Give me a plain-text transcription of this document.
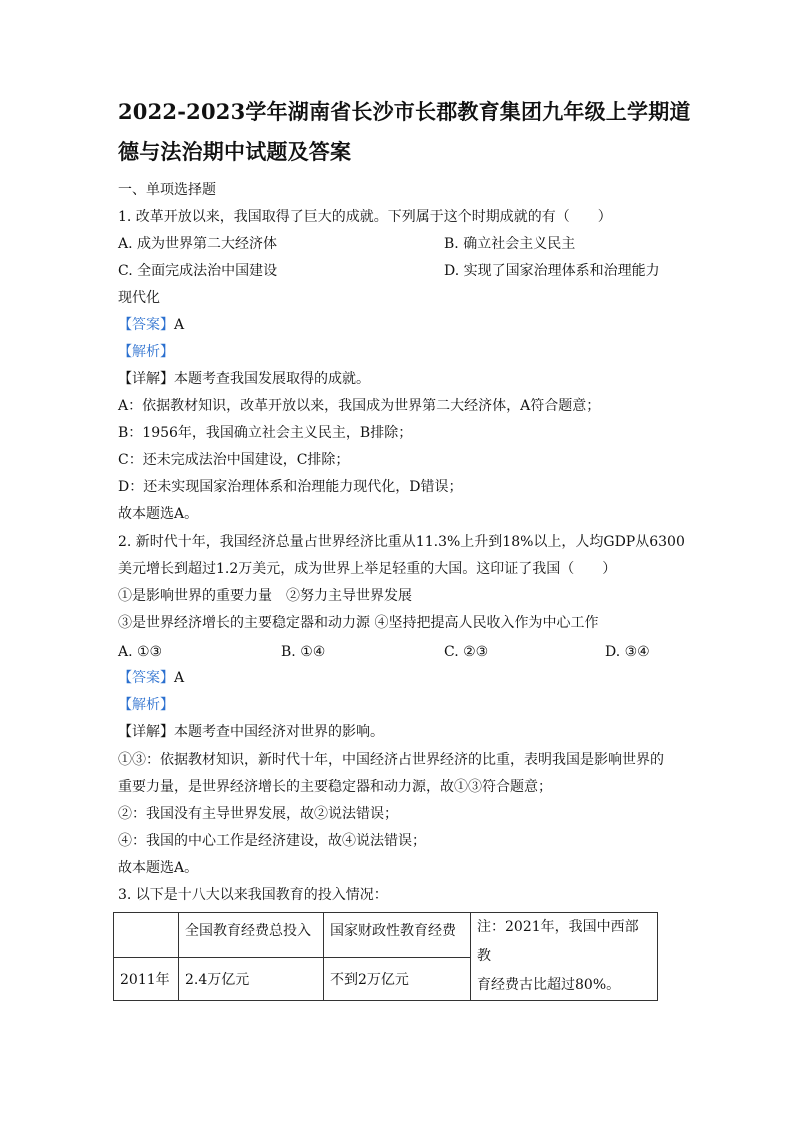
2022-2023学年湖南省长沙市长郡教育集团九年级上学期道
德与法治期中试题及答案
一、单项选择题
1. 改革开放以来，我国取得了巨大的成就。下列属于这个时期成就的有（　　）
A. 成为世界第二大经济体	B. 确立社会主义民主
C. 全面完成法治中国建设	D. 实现了国家治理体系和治理能力
现代化
【答案】A
【解析】
【详解】本题考查我国发展取得的成就。
A：依据教材知识，改革开放以来，我国成为世界第二大经济体，A符合题意；
B：1956年，我国确立社会主义民主，B排除；
C：还未完成法治中国建设，C排除；
D：还未实现国家治理体系和治理能力现代化，D错误；
故本题选A。
2. 新时代十年，我国经济总量占世界经济比重从11.3%上升到18%以上，人均GDP从6300
美元增长到超过1.2万美元，成为世界上举足轻重的大国。这印证了我国（　　）
①是影响世界的重要力量　②努力主导世界发展
③是世界经济增长的主要稳定器和动力源 ④坚持把提高人民收入作为中心工作
A. ①③	B. ①④	C. ②③	D. ③④
【答案】A
【解析】
【详解】本题考查中国经济对世界的影响。
①③：依据教材知识，新时代十年，中国经济占世界经济的比重，表明我国是影响世界的
重要力量，是世界经济增长的主要稳定器和动力源，故①③符合题意；
②：我国没有主导世界发展，故②说法错误；
④：我国的中心工作是经济建设，故④说法错误；
故本题选A。
3. 以下是十八大以来我国教育的投入情况：
	全国教育经费总投入	国家财政性教育经费	注：2021年，我国中西部教
育经费古比超过80%。

2011年	2.4万亿元	不到2万亿元	
